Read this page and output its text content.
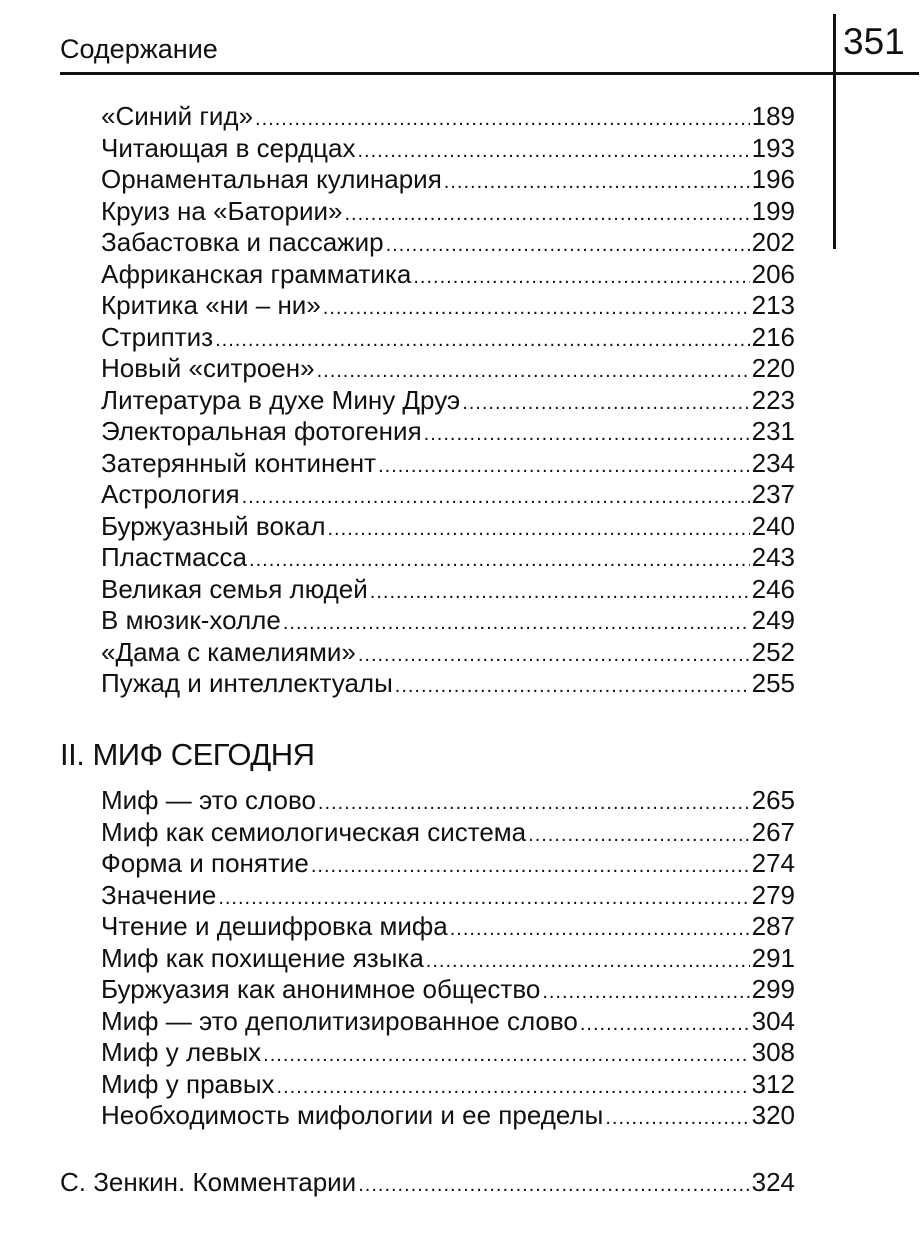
Содержание	351
«Синий гид» .....	189
Читающая в сердцах .....	193
Орнаментальная кулинария .....	196
Круиз на «Батории» .....	199
Забастовка и пассажир .....	202
Африканская грамматика .....	206
Критика «ни – ни» .....	213
Стриптиз .....	216
Новый «ситроен» .....	220
Литература в духе Мину Друэ .....	223
Электоральная фотогения .....	231
Затерянный континент .....	234
Астрология .....	237
Буржуазный вокал .....	240
Пластмасса .....	243
Великая семья людей .....	246
В мюзик-холле .....	249
«Дама с камелиями» .....	252
Пужад и интеллектуалы .....	255
II. МИФ СЕГОДНЯ
Миф — это слово .....	265
Миф как семиологическая система .....	267
Форма и понятие .....	274
Значение .....	279
Чтение и дешифровка мифа .....	287
Миф как похищение языка .....	291
Буржуазия как анонимное общество .....	299
Миф — это деполитизированное слово .....	304
Миф у левых .....	308
Миф у правых .....	312
Необходимость мифологии и ее пределы .....	320
С. Зенкин. Комментарии .....	324
